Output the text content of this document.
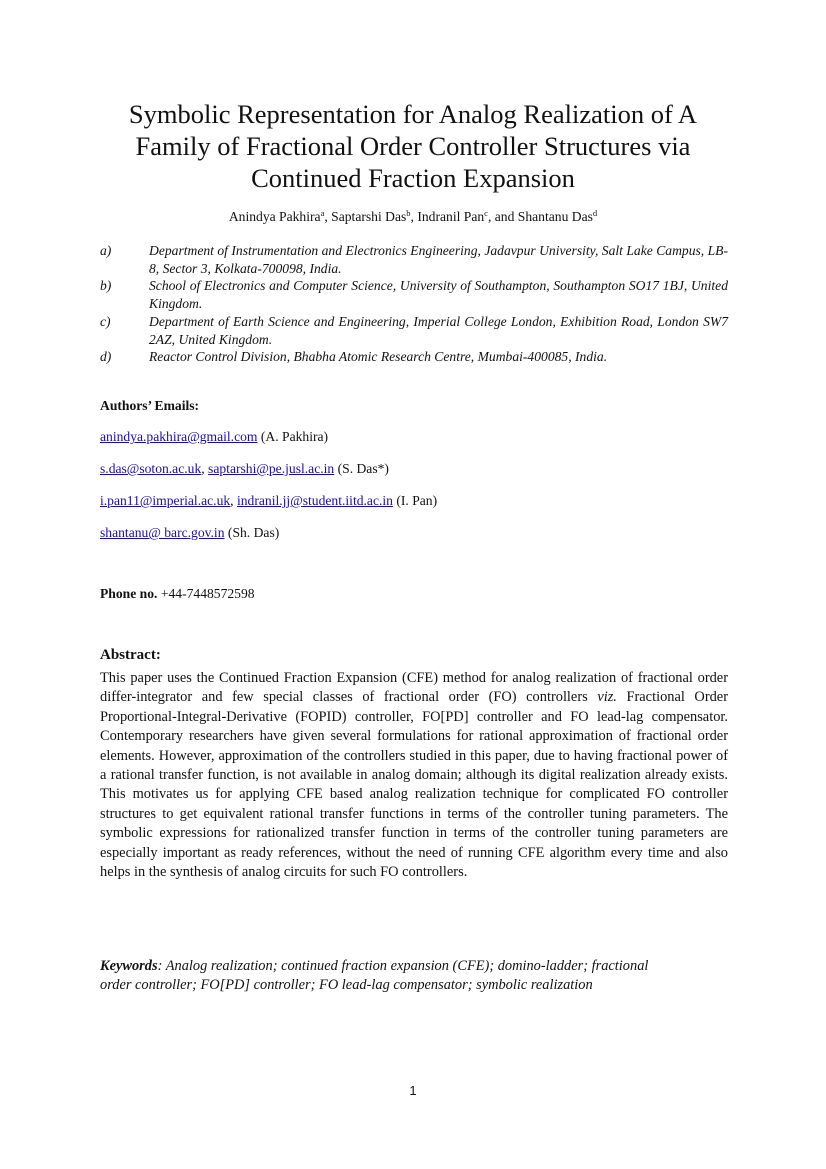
Symbolic Representation for Analog Realization of A
Family of Fractional Order Controller Structures via
Continued Fraction Expansion
Anindya Pakhira$^a$, Saptarshi Das$^b$, Indranil Pan$^c$, and Shantanu Das$^d$
a)	Department of Instrumentation and Electronics Engineering, Jadavpur University, Salt Lake Campus, LB-8, Sector 3, Kolkata-700098, India.
b)	School of Electronics and Computer Science, University of Southampton, Southampton SO17 1BJ, United Kingdom.
c)	Department of Earth Science and Engineering, Imperial College London, Exhibition Road, London SW7 2AZ, United Kingdom.
d)	Reactor Control Division, Bhabha Atomic Research Centre, Mumbai-400085, India.
Authors’ Emails:
anindya.pakhira@gmail.com (A. Pakhira)
s.das@soton.ac.uk, saptarshi@pe.jusl.ac.in (S. Das*)
i.pan11@imperial.ac.uk, indranil.jj@student.iitd.ac.in (I. Pan)
shantanu@ barc.gov.in (Sh. Das)
Phone no. +44-7448572598
Abstract:
This paper uses the Continued Fraction Expansion (CFE) method for analog realization of fractional order differ-integrator and few special classes of fractional order (FO) controllers viz. Fractional Order Proportional-Integral-Derivative (FOPID) controller, FO[PD] controller and FO lead-lag compensator. Contemporary researchers have given several formulations for rational approximation of fractional order elements. However, approximation of the controllers studied in this paper, due to having fractional power of a rational transfer function, is not available in analog domain; although its digital realization already exists. This motivates us for applying CFE based analog realization technique for complicated FO controller structures to get equivalent rational transfer functions in terms of the controller tuning parameters. The symbolic expressions for rationalized transfer function in terms of the controller tuning parameters are especially important as ready references, without the need of running CFE algorithm every time and also helps in the synthesis of analog circuits for such FO controllers.
Keywords: Analog realization; continued fraction expansion (CFE); domino-ladder; fractional order controller; FO[PD] controller; FO lead-lag compensator; symbolic realization
1
